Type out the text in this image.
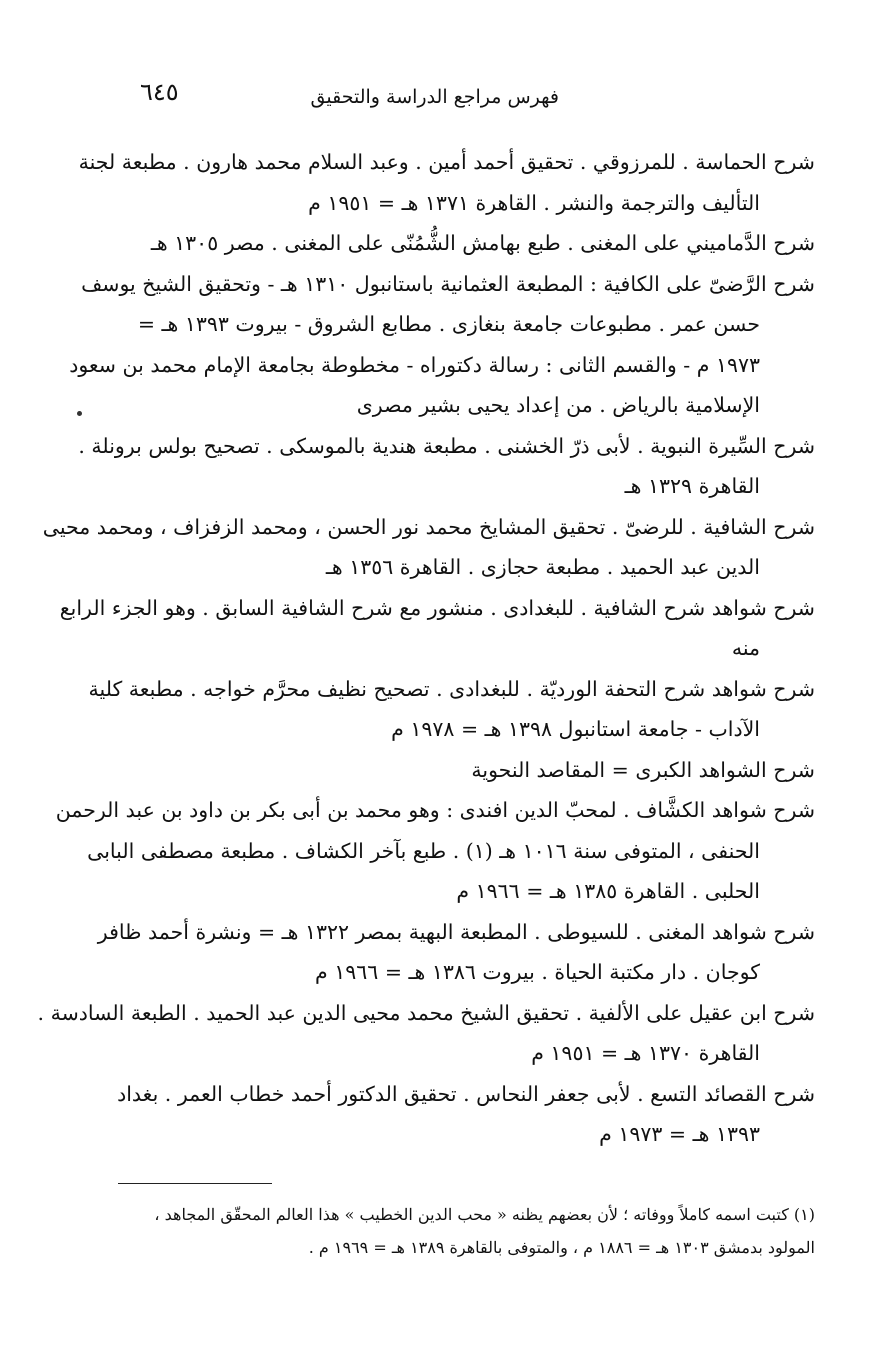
فهرس مراجع الدراسة والتحقيق
٦٤٥
شرح الحماسة . للمرزوقي . تحقيق أحمد أمين . وعبد السلام محمد هارون . مطبعة لجنة
التأليف والترجمة والنشر . القاهرة ١٣٧١ هـ = ١٩٥١ م
شرح الدَّماميني على المغنى . طبع بهامش الشُّمُنّى على المغنى . مصر ١٣٠٥ هـ
شرح الرَّضىّ على الكافية : المطبعة العثمانية باستانبول ١٣١٠ هـ - وتحقيق الشيخ يوسف
حسن عمر . مطبوعات جامعة بنغازى . مطابع الشروق - بيروت ١٣٩٣ هـ =
١٩٧٣ م - والقسم الثانى : رسالة دكتوراه - مخطوطة بجامعة الإمام محمد بن سعود
الإسلامية بالرياض . من إعداد يحيى بشير مصرى
شرح السِّيرة النبوية . لأبى ذرّ الخشنى . مطبعة هندية بالموسكى . تصحيح بولس برونلة .
القاهرة ١٣٢٩ هـ
شرح الشافية . للرضىّ . تحقيق المشايخ محمد نور الحسن ، ومحمد الزفزاف ، ومحمد محيى
الدين عبد الحميد . مطبعة حجازى . القاهرة ١٣٥٦ هـ
شرح شواهد شرح الشافية . للبغدادى . منشور مع شرح الشافية السابق . وهو الجزء الرابع
منه
شرح شواهد شرح التحفة الورديّة . للبغدادى . تصحيح نظيف محرَّم خواجه . مطبعة كلية
الآداب - جامعة استانبول ١٣٩٨ هـ = ١٩٧٨ م
شرح الشواهد الكبرى = المقاصد النحوية
شرح شواهد الكشَّاف . لمحبّ الدين افندى : وهو محمد بن أبى بكر بن داود بن عبد الرحمن
الحنفى ، المتوفى سنة ١٠١٦ هـ (١) . طبع بآخر الكشاف . مطبعة مصطفى البابى
الحلبى . القاهرة ١٣٨٥ هـ = ١٩٦٦ م
شرح شواهد المغنى . للسيوطى . المطبعة البهية بمصر ١٣٢٢ هـ = ونشرة أحمد ظافر
كوجان . دار مكتبة الحياة . بيروت ١٣٨٦ هـ = ١٩٦٦ م
شرح ابن عقيل على الألفية . تحقيق الشيخ محمد محيى الدين عبد الحميد . الطبعة السادسة .
القاهرة ١٣٧٠ هـ = ١٩٥١ م
شرح القصائد التسع . لأبى جعفر النحاس . تحقيق الدكتور أحمد خطاب العمر . بغداد
١٣٩٣ هـ = ١٩٧٣ م
(١) كتبت اسمه كاملاً ووفاته ؛ لأن بعضهم يظنه « محب الدين الخطيب » هذا العالم المحقّق المجاهد ،
المولود بدمشق ١٣٠٣ هـ = ١٨٨٦ م ، والمتوفى بالقاهرة ١٣٨٩ هـ = ١٩٦٩ م .
